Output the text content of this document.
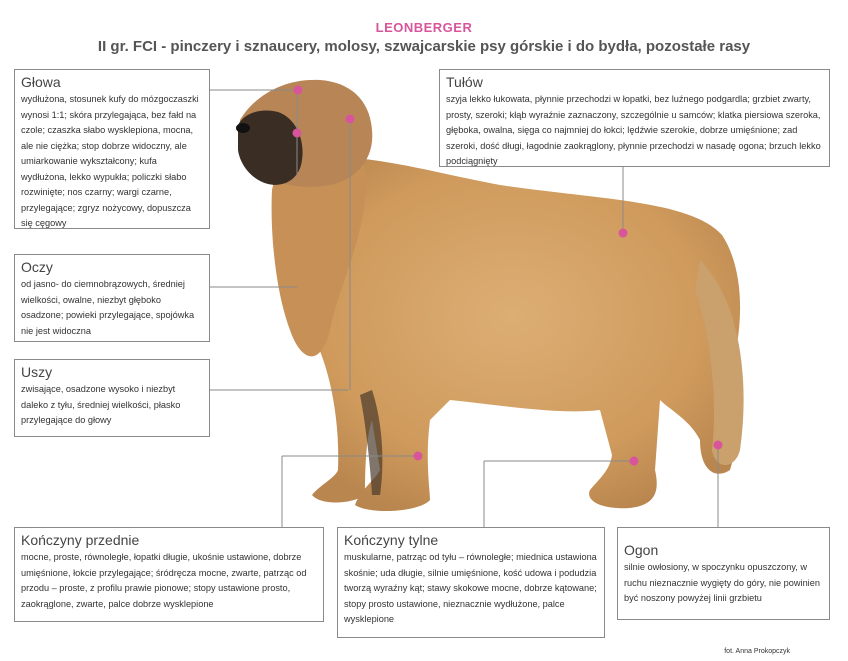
LEONBERGER
II gr. FCI - pinczery i sznaucery, molosy, szwajcarskie psy górskie i do bydła, pozostałe rasy
Głowa

wydłużona, stosunek kufy do mózgoczaszki wynosi 1:1; skóra przylegająca, bez fałd na czole; czaszka słabo wysklepiona, mocna, ale nie ciężka; stop dobrze widoczny, ale umiarkowanie wykształcony; kufa wydłużona, lekko wypukła; policzki słabo rozwinięte; nos czarny; wargi czarne, przylegające; zgryz nożycowy, dopuszcza się cęgowy

Oczy

od jasno- do ciemnobrązowych, średniej wielkości, owalne, niezbyt głęboko osadzone; powieki przylegające, spojówka nie jest widoczna

Uszy

zwisające, osadzone wysoko i niezbyt daleko z tyłu, średniej wielkości, płasko przylegające do głowy

Tułów

szyja lekko łukowata, płynnie przechodzi w łopatki, bez luźnego podgardla; grzbiet zwarty, prosty, szeroki; kłąb wyraźnie zaznaczony, szczególnie u samców; klatka piersiowa szeroka, głęboka, owalna, sięga co najmniej do łokci; lędźwie szerokie, dobrze umięśnione; zad szeroki, dość długi, łagodnie zaokrąglony, płynnie przechodzi w nasadę ogona; brzuch lekko podciągnięty

Kończyny przednie

mocne, proste, równoległe, łopatki długie, ukośnie ustawione, dobrze umięśnione, łokcie przylegające; śródręcza mocne, zwarte, patrząc od przodu – proste, z profilu prawie pionowe; stopy ustawione prosto, zaokrąglone, zwarte, palce dobrze wysklepione

Kończyny tylne

muskularne, patrząc od tyłu – równoległe; miednica ustawiona skośnie; uda długie, silnie umięśnione, kość udowa i podudzia tworzą wyraźny kąt; stawy skokowe mocne, dobrze kątowane; stopy prosto ustawione, nieznacznie wydłużone, palce wysklepione

Ogon

silnie owłosiony, w spoczynku opuszczony, w ruchu nieznacznie wygięty do góry, nie powinien być noszony powyżej linii grzbietu

fot. Anna Prokopczyk
